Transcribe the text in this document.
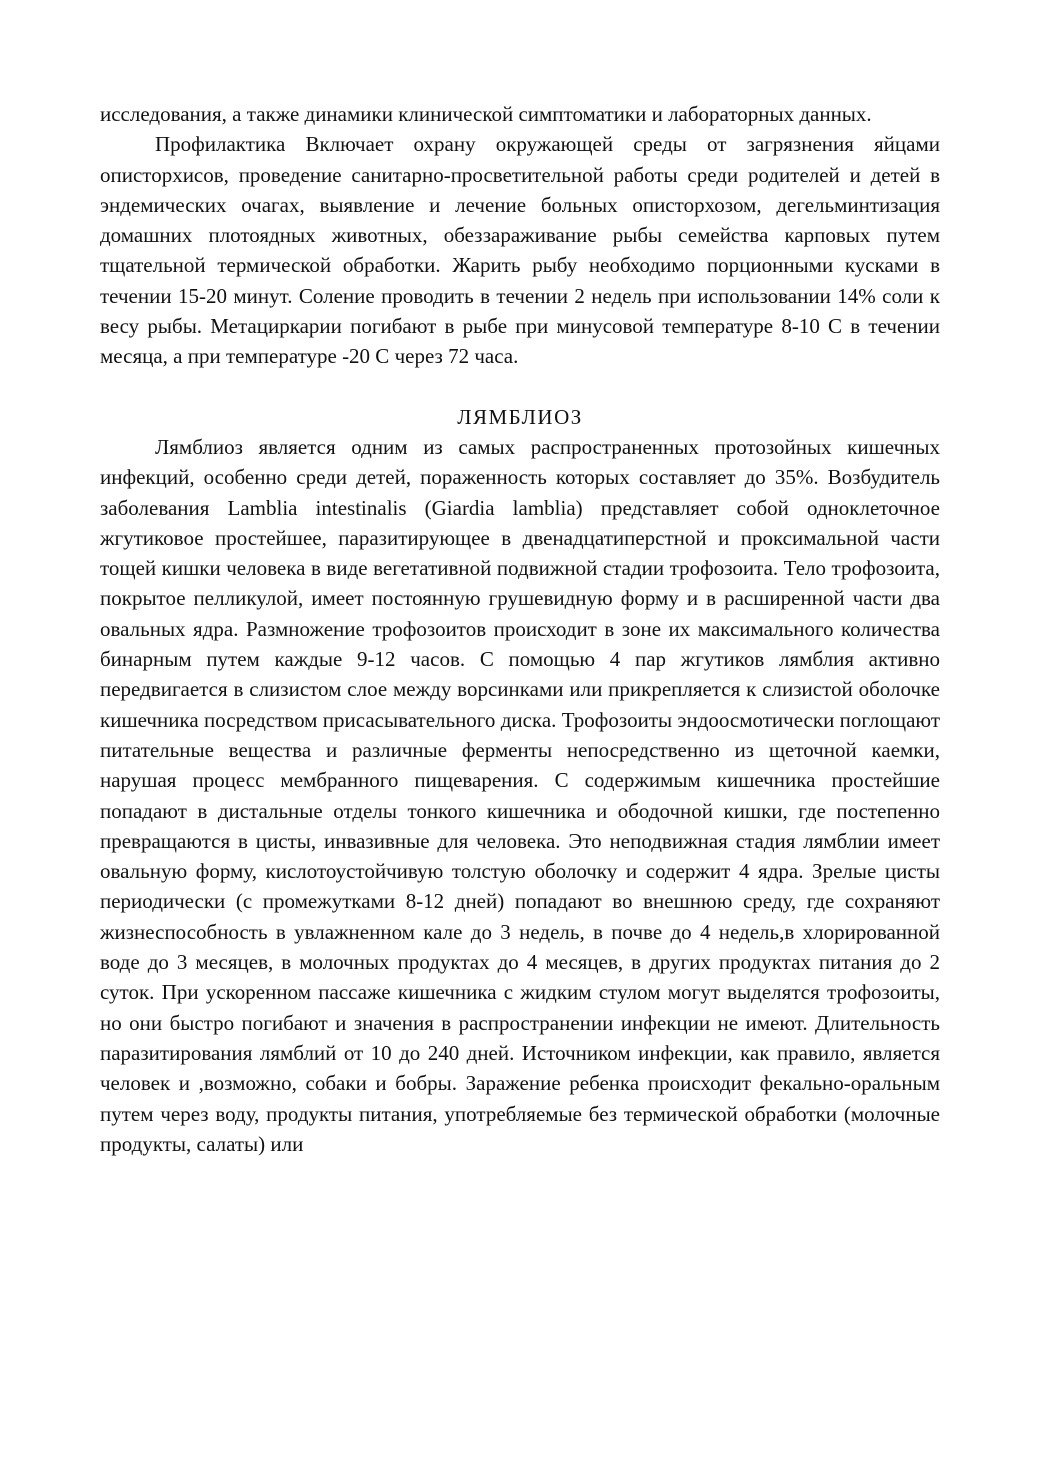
исследования, а также динамики клинической симптоматики и лабораторных данных.

Профилактика Включает охрану окружающей среды от загрязнения яйцами описторхисов, проведение санитарно-просветительной работы среди родителей и детей в эндемических очагах, выявление и лечение больных описторхозом, дегельминтизация домашних плотоядных животных, обеззараживание рыбы семейства карповых путем тщательной термической обработки. Жарить рыбу необходимо порционными кусками в течении 15-20 минут. Соление проводить в течении 2 недель при использовании 14% соли к весу рыбы. Метациркарии погибают в рыбе при минусовой температуре 8-10 С в течении месяца, а при температуре -20 С через 72 часа.

ЛЯМБЛИОЗ

Лямблиоз является одним из самых распространенных протозойных кишечных инфекций, особенно среди детей, пораженность которых составляет до 35%. Возбудитель заболевания Lamblia intestinalis (Giardia lamblia) представляет собой одноклеточное жгутиковое простейшее, паразитирующее в двенадцатиперстной и проксимальной части тощей кишки человека в виде вегетативной подвижной стадии трофозоита. Тело трофозоита, покрытое пелликулой, имеет постоянную грушевидную форму и в расширенной части два овальных ядра. Размножение трофозоитов происходит в зоне их максимального количества бинарным путем каждые 9-12 часов. С помощью 4 пар жгутиков лямблия активно передвигается в слизистом слое между ворсинками или прикрепляется к слизистой оболочке кишечника посредством присасывательного диска. Трофозоиты эндоосмотически поглощают питательные вещества и различные ферменты непосредственно из щеточной каемки, нарушая процесс мембранного пищеварения. С содержимым кишечника простейшие попадают в дистальные отделы тонкого кишечника и ободочной кишки, где постепенно превращаются в цисты, инвазивные для человека. Это неподвижная стадия лямблии имеет овальную форму, кислотоустойчивую толстую оболочку и содержит 4 ядра. Зрелые цисты периодически (с промежутками 8-12 дней) попадают во внешнюю среду, где сохраняют жизнеспособность в увлажненном кале до 3 недель, в почве до 4 недель,в хлорированной воде до 3 месяцев, в молочных продуктах до 4 месяцев, в других продуктах питания до 2 суток. При ускоренном пассаже кишечника с жидким стулом могут выделятся трофозоиты, но они быстро погибают и значения в распространении инфекции не имеют. Длительность паразитирования лямблий от 10 до 240 дней. Источником инфекции, как правило, является человек и ,возможно, собаки и бобры. Заражение ребенка происходит фекально-оральным путем через воду, продукты питания, употребляемые без термической обработки (молочные продукты, салаты) или
